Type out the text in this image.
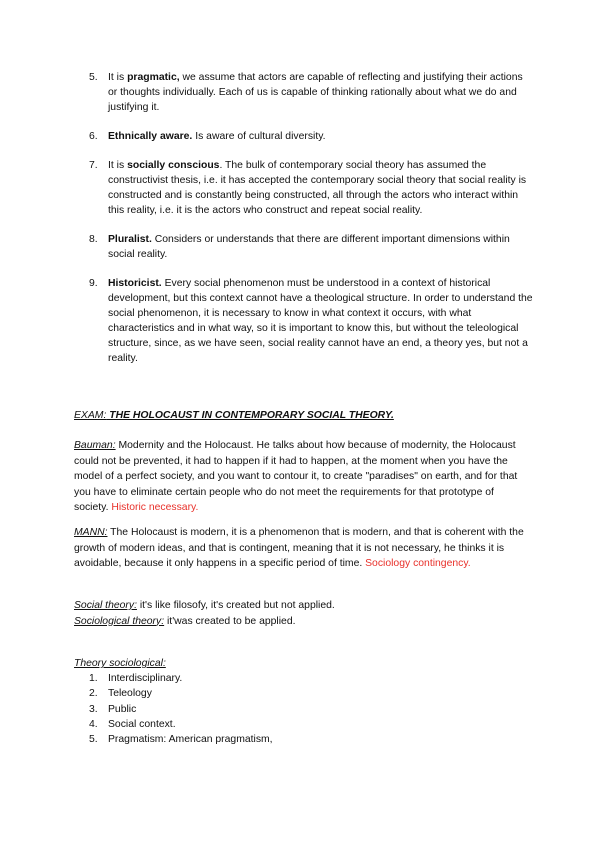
5. It is pragmatic, we assume that actors are capable of reflecting and justifying their actions or thoughts individually. Each of us is capable of thinking rationally about what we do and justifying it.
6. Ethnically aware. Is aware of cultural diversity.
7. It is socially conscious. The bulk of contemporary social theory has assumed the constructivist thesis, i.e. it has accepted the contemporary social theory that social reality is constructed and is constantly being constructed, all through the actors who interact within this reality, i.e. it is the actors who construct and repeat social reality.
8. Pluralist. Considers or understands that there are different important dimensions within social reality.
9. Historicist. Every social phenomenon must be understood in a context of historical development, but this context cannot have a theological structure. In order to understand the social phenomenon, it is necessary to know in what context it occurs, with what characteristics and in what way, so it is important to know this, but without the teleological structure, since, as we have seen, social reality cannot have an end, a theory yes, but not a reality.
EXAM: THE HOLOCAUST IN CONTEMPORARY SOCIAL THEORY.
Bauman: Modernity and the Holocaust. He talks about how because of modernity, the Holocaust could not be prevented, it had to happen if it had to happen, at the moment when you have the model of a perfect society, and you want to contour it, to create "paradises" on earth, and for that you have to eliminate certain people who do not meet the requirements for that prototype of society. Historic necessary.
MANN: The Holocaust is modern, it is a phenomenon that is modern, and that is coherent with the growth of modern ideas, and that is contingent, meaning that it is not necessary, he thinks it is avoidable, because it only happens in a specific period of time. Sociology contingency.
Social theory: it's like filosofy, it's created but not applied.
Sociological theory: it'was created to be applied.
Theory sociological:
1. Interdisciplinary.
2. Teleology
3. Public
4. Social context.
5. Pragmatism: American pragmatism,
